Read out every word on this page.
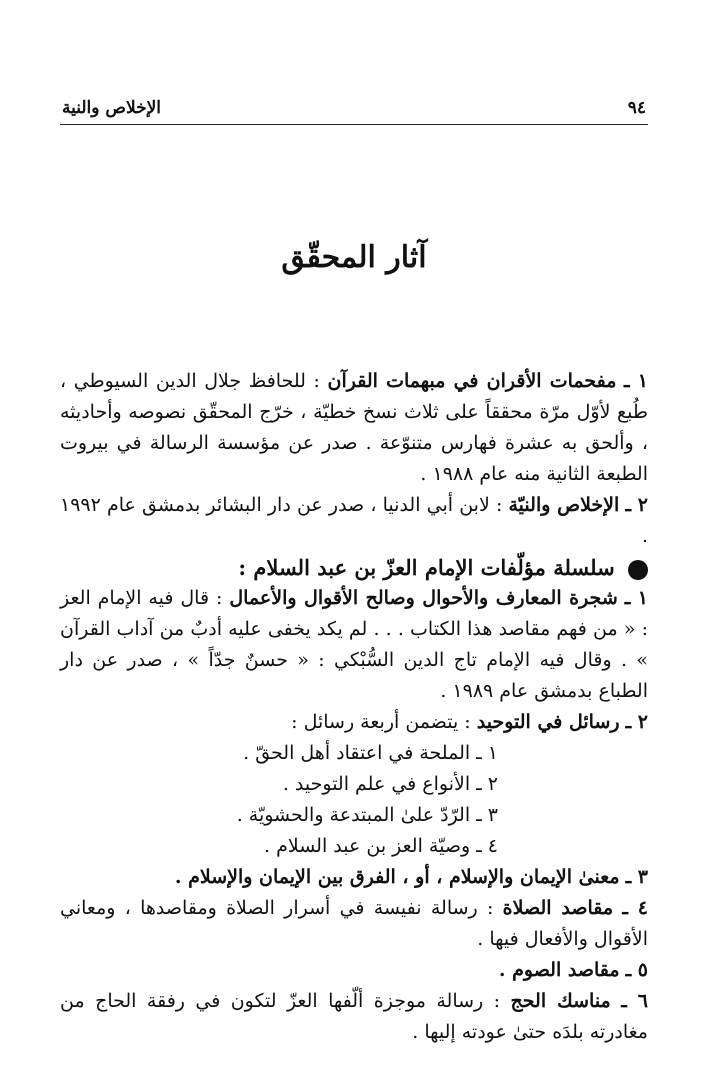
٩٤
الإخلاص والنية
آثار المحقّق

١ ـ مفحمات الأقران في مبهمات القرآن : للحافظ جلال الدين السيوطي ، طُبع لأوّل مرّة محققاً على ثلاث نسخ خطيّة ، خرّج المحقّق نصوصه وأحاديثه ، وألحق به عشرة فهارس متنوّعة . صدر عن مؤسسة الرسالة في بيروت الطبعة الثانية منه عام ١٩٨٨ .

٢ ـ الإخلاص والنيّة : لابن أبي الدنيا ، صدر عن دار البشائر بدمشق عام ١٩٩٢ .

سلسلة مؤلّفات الإمام العزّ بن عبد السلام :

١ ـ شجرة المعارف والأحوال وصالح الأقوال والأعمال : قال فيه الإمام العز : « من فهم مقاصد هذا الكتاب . . . لم يكد يخفى عليه أدبٌ من آداب القرآن » . وقال فيه الإمام تاج الدين السُّبْكي : « حسنٌ جدّاً » ، صدر عن دار الطباع بدمشق عام ١٩٨٩ .

٢ ـ رسائل في التوحيد : يتضمن أربعة رسائل :

١ ـ الملحة في اعتقاد أهل الحقّ .

٢ ـ الأنواع في علم التوحيد .

٣ ـ الرّدّ علىٰ المبتدعة والحشويّة .

٤ ـ وصيّة العز بن عبد السلام .

٣ ـ معنىٰ الإيمان والإسلام ، أو ، الفرق بين الإيمان والإسلام .

٤ ـ مقاصد الصلاة : رسالة نفيسة في أسرار الصلاة ومقاصدها ، ومعاني الأقوال والأفعال فيها .

٥ ـ مقاصد الصوم .

٦ ـ مناسك الحج : رسالة موجزة ألّفها العزّ لتكون في رفقة الحاج من مغادرته بلدَه حتىٰ عودته إليها .
